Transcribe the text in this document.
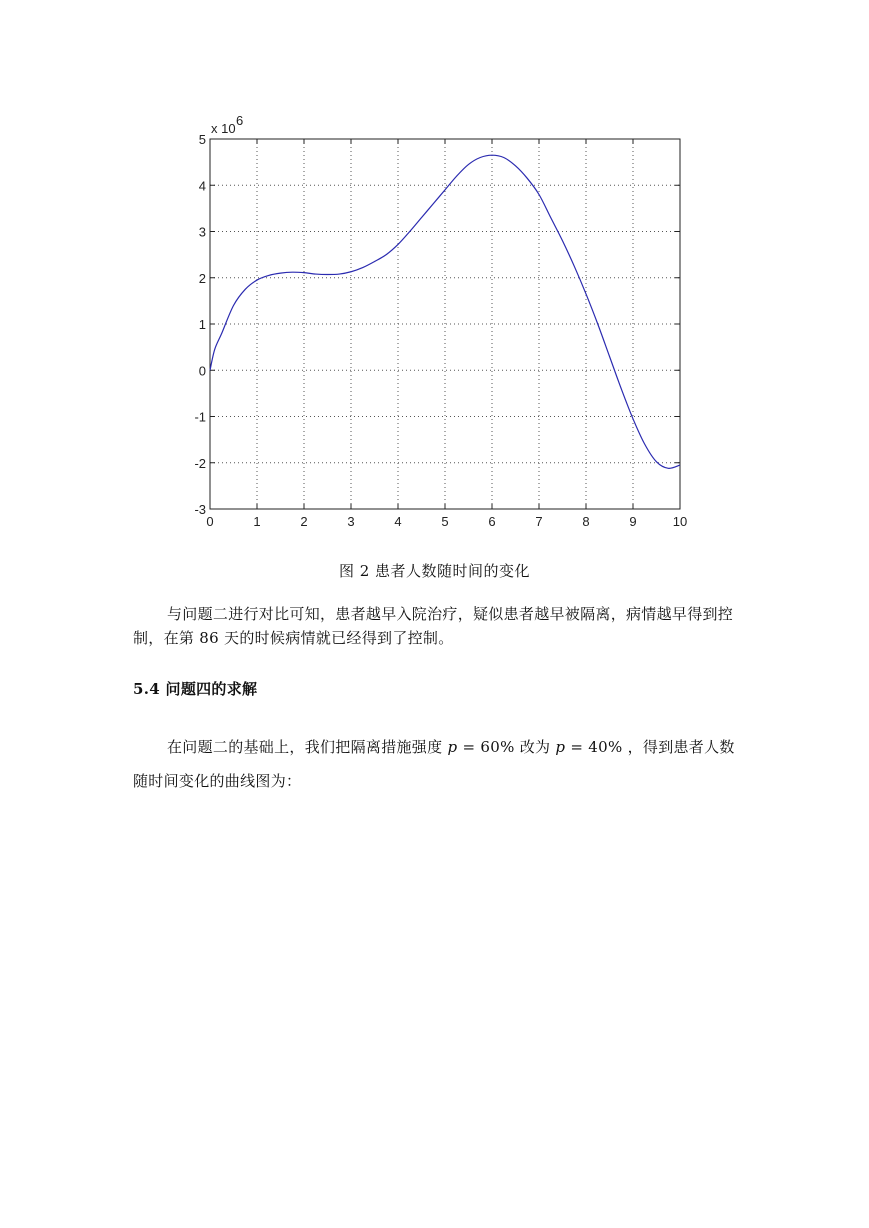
0	1	2	3	4	5	6	7	8	9	10
5
4
3
2
1
0
-1
-2
-3
x 10
6
图 2 患者人数随时间的变化

与问题二进行对比可知，患者越早入院治疗，疑似患者越早被隔离，病情越早得到控制，在第 86 天的时候病情就已经得到了控制。

5.4 问题四的求解

在问题二的基础上，我们把隔离措施强度 p = 60% 改为 p = 40% ，得到患者人数随时间变化的曲线图为：
